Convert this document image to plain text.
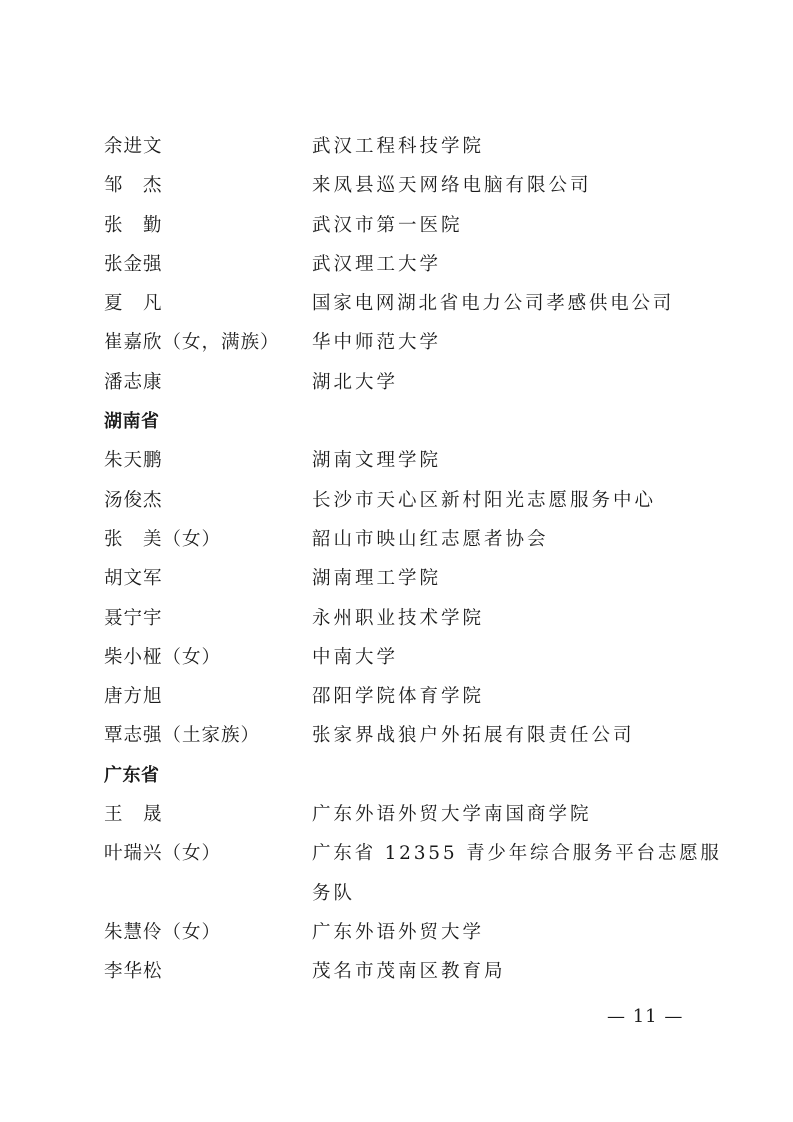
余进文	武汉工程科技学院
邹　杰	来凤县巡天网络电脑有限公司
张　勤	武汉市第一医院
张金强	武汉理工大学
夏　凡	国家电网湖北省电力公司孝感供电公司
崔嘉欣（女，满族） 华中师范大学
潘志康	湖北大学
湖南省
朱天鹏	湖南文理学院
汤俊杰	长沙市天心区新村阳光志愿服务中心
张　美（女）	韶山市映山红志愿者协会
胡文军	湖南理工学院
聂宁宇	永州职业技术学院
柴小桠（女）	中南大学
唐方旭	邵阳学院体育学院
覃志强（土家族）	张家界战狼户外拓展有限责任公司
广东省
王　晟	广东外语外贸大学南国商学院
叶瑞兴（女）	广东省 12355 青少年综合服务平台志愿服
务队
朱慧伶（女）	广东外语外贸大学
李华松	茂名市茂南区教育局
— 11 —
